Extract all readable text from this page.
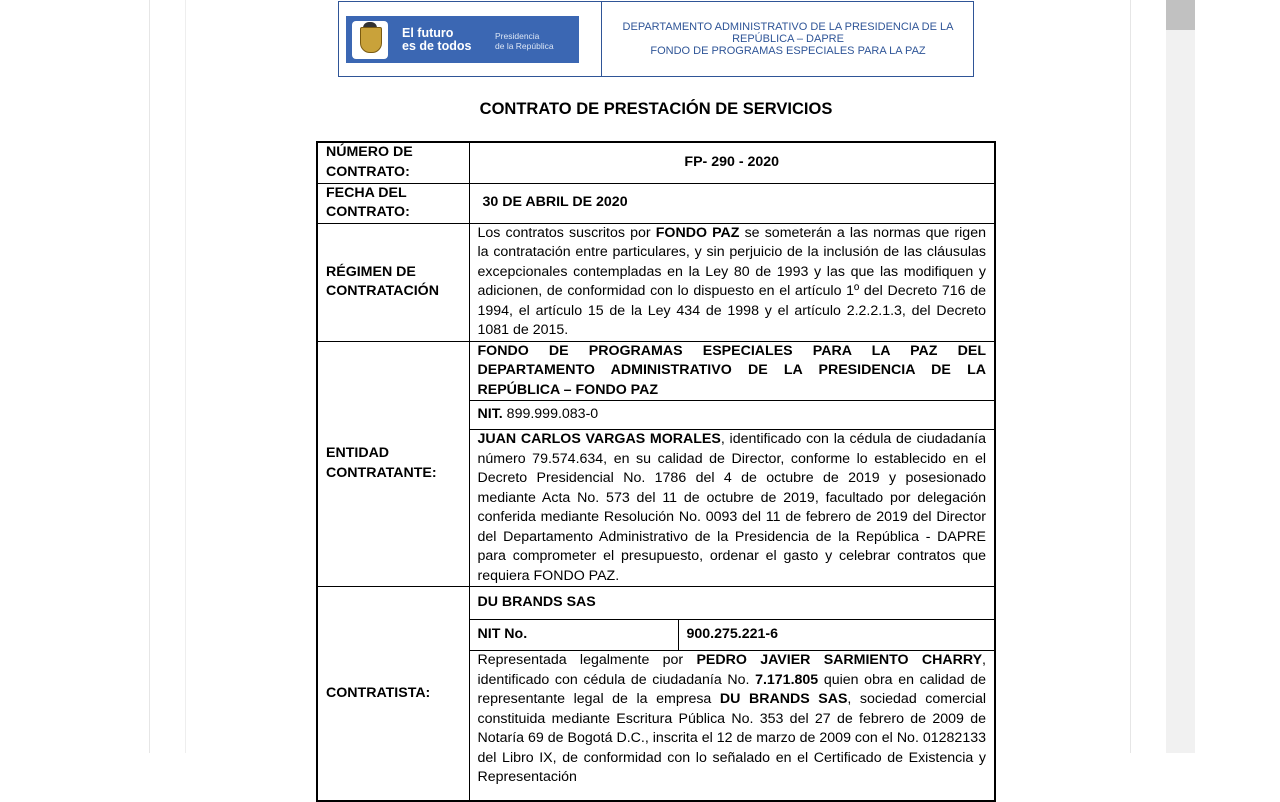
El futuro
es de todos
Presidencia
de la República
DEPARTAMENTO ADMINISTRATIVO DE LA PRESIDENCIA DE LA
REPÚBLICA – DAPRE
FONDO DE PROGRAMAS ESPECIALES PARA LA PAZ
CONTRATO DE PRESTACIÓN DE SERVICIOS
NÚMERO DE CONTRATO:	FP- 290 - 2020	
FECHA DEL CONTRATO:	30 DE ABRIL DE 2020	
RÉGIMEN DE CONTRATACIÓN	Los contratos suscritos por FONDO PAZ se someterán a las normas que rigen la contratación entre particulares, y sin perjuicio de la inclusión de las cláusulas excepcionales contempladas en la Ley 80 de 1993 y las que las modifiquen y adicionen, de conformidad con lo dispuesto en el artículo 1º del Decreto 716 de 1994, el artículo 15 de la Ley 434 de 1998 y el artículo 2.2.2.1.3, del Decreto 1081 de 2015.	
ENTIDAD CONTRATANTE:	FONDO DE PROGRAMAS ESPECIALES PARA LA PAZ DEL DEPARTAMENTO ADMINISTRATIVO DE LA PRESIDENCIA DE LA REPÚBLICA – FONDO PAZ	
	NIT. 899.999.083-0	
	JUAN CARLOS VARGAS MORALES, identificado con la cédula de ciudadanía número 79.574.634, en su calidad de Director, conforme lo establecido en el Decreto Presidencial No. 1786 del 4 de octubre de 2019 y posesionado mediante Acta No. 573 del 11 de octubre de 2019, facultado por delegación conferida mediante Resolución No. 0093 del 11 de febrero de 2019 del Director del Departamento Administrativo de la Presidencia de la República - DAPRE para comprometer el presupuesto, ordenar el gasto y celebrar contratos que requiera FONDO PAZ.	
CONTRATISTA:	DU BRANDS SAS	
	NIT No.	900.275.221-6
	Representada legalmente por PEDRO JAVIER SARMIENTO CHARRY, identificado con cédula de ciudadanía No. 7.171.805 quien obra en calidad de representante legal de la empresa DU BRANDS SAS, sociedad comercial constituida mediante Escritura Pública No. 353 del 27 de febrero de 2009 de Notaría 69 de Bogotá D.C., inscrita el 12 de marzo de 2009 con el No. 01282133 del Libro IX, de conformidad con lo señalado en el Certificado de Existencia y Representación	
